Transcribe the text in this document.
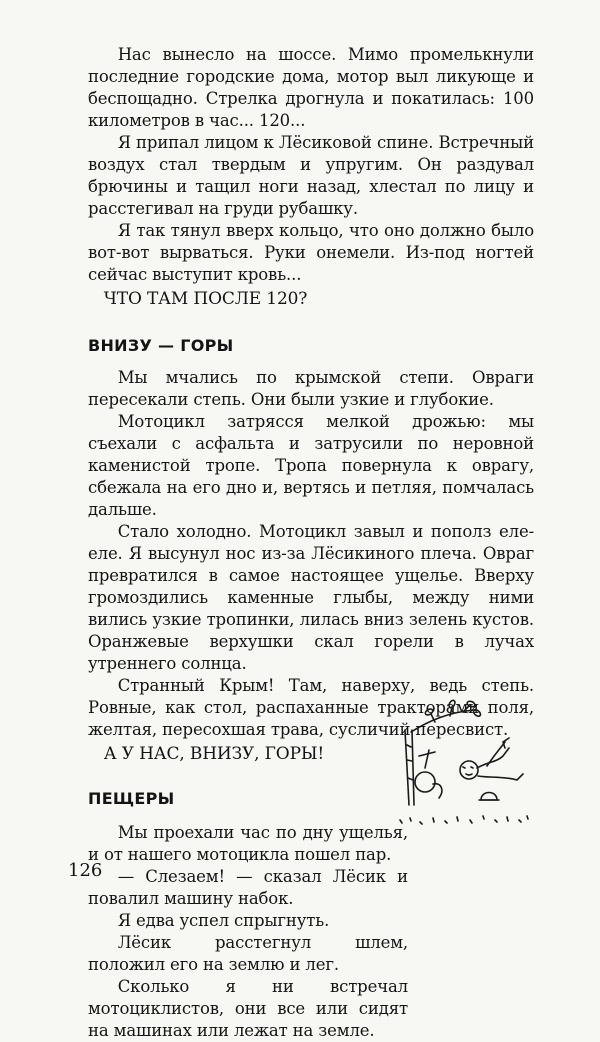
Нас вынесло на шоссе. Мимо промелькнули последние городские дома, мотор выл ликующе и беспощадно. Стрелка дрогнула и покатилась: 100 километров в час... 120...

Я припал лицом к Лёсиковой спине. Встречный воздух стал твердым и упругим. Он раздувал брючины и тащил ноги назад, хлестал по лицу и расстегивал на груди рубашку.

Я так тянул вверх кольцо, что оно должно было вот-вот вырваться. Руки онемели. Из-под ногтей сейчас выступит кровь...

ЧТО ТАМ ПОСЛЕ 120?

ВНИЗУ — ГОРЫ

Мы мчались по крымской степи. Овраги пересекали степь. Они были узкие и глубокие.

Мотоцикл затрясся мелкой дрожью: мы съехали с асфальта и затрусили по неровной каменистой тропе. Тропа повернула к оврагу, сбежала на его дно и, вертясь и петляя, помчалась дальше.

Стало холодно. Мотоцикл завыл и пополз еле-еле. Я высунул нос из-за Лёсикиного плеча. Овраг превратился в самое настоящее ущелье. Вверху громоздились каменные глыбы, между ними вились узкие тропинки, лилась вниз зелень кустов. Оранжевые верхушки скал горели в лучах утреннего солнца.

Странный Крым! Там, наверху, ведь степь. Ровные, как стол, распаханные тракторами поля, желтая, пересохшая трава, сусличий пересвист.

А У НАС, ВНИЗУ, ГОРЫ!

ПЕЩЕРЫ

Мы проехали час по дну ущелья, и от нашего мотоцикла пошел пар.

— Слезаем! — сказал Лёсик и повалил машину набок.

Я едва успел спрыгнуть.

Лёсик расстегнул шлем, положил его на землю и лег.

Сколько я ни встречал мотоциклистов, они все или сидят на машинах или лежат на земле.

126
